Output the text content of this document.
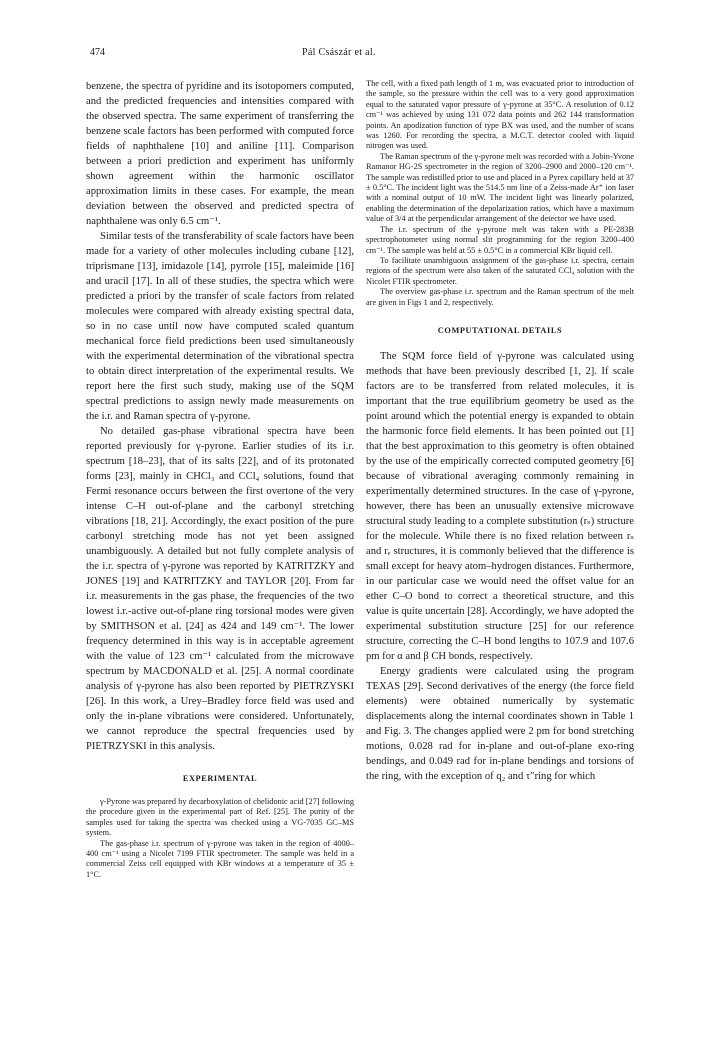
474	Pál Császár et al.

benzene, the spectra of pyridine and its isotopomers computed, and the predicted frequencies and intensities compared with the observed spectra. The same experiment of transferring the benzene scale factors has been performed with computed force fields of naphthalene [10] and aniline [11]. Comparison between a priori prediction and experiment has uniformly shown agreement within the harmonic oscillator approximation limits in these cases. For example, the mean deviation between the observed and predicted spectra of naphthalene was only 6.5 cm⁻¹.

Similar tests of the transferability of scale factors have been made for a variety of other molecules including cubane [12], triprismane [13], imidazole [14], pyrrole [15], maleimide [16] and uracil [17]. In all of these studies, the spectra which were predicted a priori by the transfer of scale factors from related molecules were compared with already existing spectral data, so in no case until now have computed scaled quantum mechanical force field predictions been used simultaneously with the experimental determination of the vibrational spectra to obtain direct interpretation of the experimental results. We report here the first such study, making use of the SQM spectral predictions to assign newly made measurements on the i.r. and Raman spectra of γ-pyrone.

No detailed gas-phase vibrational spectra have been reported previously for γ-pyrone. Earlier studies of its i.r. spectrum [18–23], that of its salts [22], and of its protonated forms [23], mainly in CHCl₃ and CCl₄ solutions, found that Fermi resonance occurs between the first overtone of the very intense C–H out-of-plane and the carbonyl stretching vibrations [18, 21]. Accordingly, the exact position of the pure carbonyl stretching mode has not yet been assigned unambiguously. A detailed but not fully complete analysis of the i.r. spectra of γ-pyrone was reported by KATRITZKY and JONES [19] and KATRITZKY and TAYLOR [20]. From far i.r. measurements in the gas phase, the frequencies of the two lowest i.r.-active out-of-plane ring torsional modes were given by SMITHSON et al. [24] as 424 and 149 cm⁻¹. The lower frequency determined in this way is in acceptable agreement with the value of 123 cm⁻¹ calculated from the microwave spectrum by MACDONALD et al. [25]. A normal coordinate analysis of γ-pyrone has also been reported by PIETRZYSKI [26]. In this work, a Urey–Bradley force field was used and only the in-plane vibrations were considered. Unfortunately, we cannot reproduce the spectral frequencies used by PIETRZYSKI in this analysis.

EXPERIMENTAL

γ-Pyrone was prepared by decarboxylation of chelidonic acid [27] following the procedure given in the experimental part of Ref. [25]. The purity of the samples used for taking the spectra was checked using a VG-7035 GC–MS system.

The gas-phase i.r. spectrum of γ-pyrone was taken in the region of 4000–400 cm⁻¹ using a Nicolet 7199 FTIR spectrometer. The sample was held in a commercial Zeiss cell equipped with KBr windows at a temperature of 35 ± 1°C.

The cell, with a fixed path length of 1 m, was evacuated prior to introduction of the sample, so the pressure within the cell was to a very good approximation equal to the saturated vapor pressure of γ-pyrone at 35°C. A resolution of 0.12 cm⁻¹ was achieved by using 131 072 data points and 262 144 transformation points. An apodization function of type BX was used, and the number of scans was 1260. For recording the spectra, a M.C.T. detector cooled with liquid nitrogen was used.

The Raman spectrum of the γ-pyrone melt was recorded with a Jobin-Yvone Ramanor HG-2S spectrometer in the region of 3200–2900 and 2000–120 cm⁻¹. The sample was redistilled prior to use and placed in a Pyrex capillary held at 37 ± 0.5°C. The incident light was the 514.5 nm line of a Zeiss-made Ar⁺ ion laser with a nominal output of 10 mW. The incident light was linearly polarized, enabling the determination of the depolarization ratios, which have a maximum value of 3/4 at the perpendicular arrangement of the detector we have used.

The i.r. spectrum of the γ-pyrone melt was taken with a PE-283B spectrophotometer using normal slit programming for the region 3200–400 cm⁻¹. The sample was held at 55 ± 0.5°C in a commercial KBr liquid cell.

To facilitate unambiguous assignment of the gas-phase i.r. spectra, certain regions of the spectrum were also taken of the saturated CCl₄ solution with the Nicolet FTIR spectrometer.

The overview gas-phase i.r. spectrum and the Raman spectrum of the melt are given in Figs 1 and 2, respectively.

COMPUTATIONAL DETAILS

The SQM force field of γ-pyrone was calculated using methods that have been previously described [1, 2]. If scale factors are to be transferred from related molecules, it is important that the true equilibrium geometry be used as the point around which the potential energy is expanded to obtain the harmonic force field elements. It has been pointed out [1] that the best approximation to this geometry is often obtained by the use of the empirically corrected computed geometry [6] because of vibrational averaging commonly remaining in experimentally determined structures. In the case of γ-pyrone, however, there has been an unusually extensive microwave structural study leading to a complete substitution (rₛ) structure for the molecule. While there is no fixed relation between rₛ and rₑ structures, it is commonly believed that the difference is small except for heavy atom–hydrogen distances. Furthermore, in our particular case we would need the offset value for an ether C–O bond to correct a theoretical structure, and this value is quite uncertain [28]. Accordingly, we have adopted the experimental substitution structure [25] for our reference structure, correcting the C–H bond lengths to 107.9 and 107.6 pm for α and β CH bonds, respectively.

Energy gradients were calculated using the program TEXAS [29]. Second derivatives of the energy (the force field elements) were obtained numerically by systematic displacements along the internal coordinates shown in Table 1 and Fig. 3. The changes applied were 2 pm for bond stretching motions, 0.028 rad for in-plane and out-of-plane exo-ring bendings, and 0.049 rad for in-plane bendings and torsions of the ring, with the exception of q₂ and τ″ring for which
